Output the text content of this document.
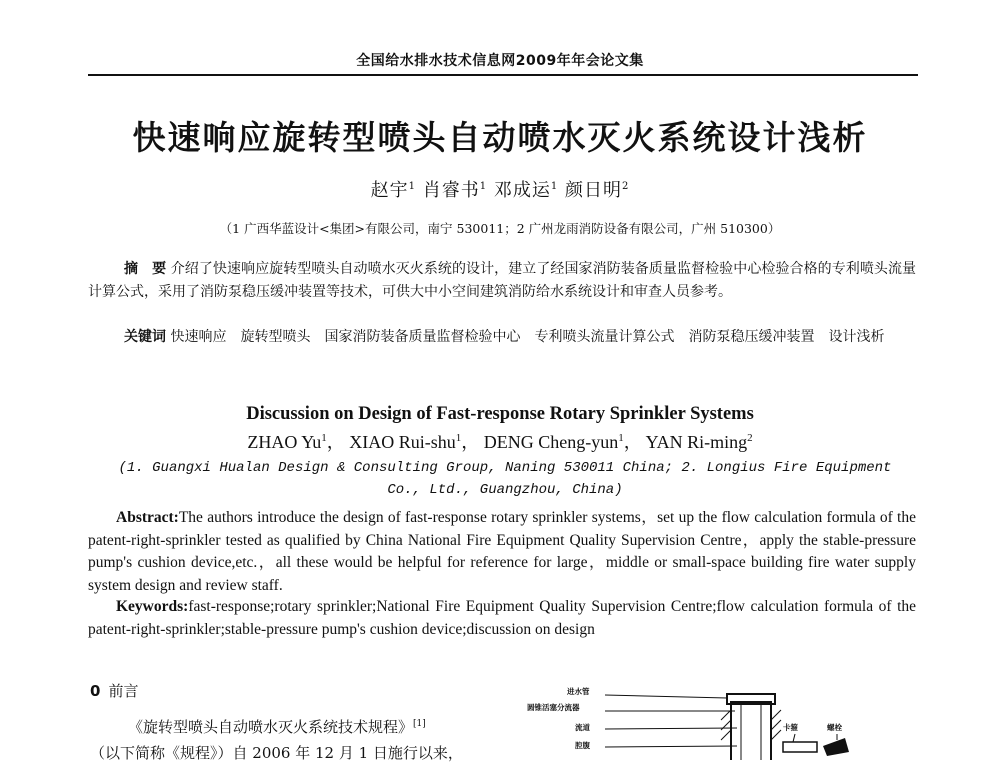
全国给水排水技术信息网2009年年会论文集
快速响应旋转型喷头自动喷水灭火系统设计浅析
赵宇$^1$ 肖睿书$^1$ 邓成运$^1$ 颜日明$^2$
（1 广西华蓝设计<集团>有限公司，南宁 530011；2 广州龙雨消防设备有限公司，广州 510300）
摘　要 介绍了快速响应旋转型喷头自动喷水灭火系统的设计，建立了经国家消防装备质量监督检验中心检验合格的专利喷头流量计算公式，采用了消防泵稳压缓冲装置等技术，可供大中小空间建筑消防给水系统设计和审查人员参考。
关键词 快速响应　旋转型喷头　国家消防装备质量监督检验中心　专利喷头流量计算公式　消防泵稳压缓冲装置　设计浅析
Discussion on Design of Fast-response Rotary Sprinkler Systems
ZHAO Yu$^1$， XIAO Rui-shu$^1$， DENG Cheng-yun$^1$， YAN Ri-ming$^2$
(1. Guangxi Hualan Design & Consulting Group, Naning 530011 China; 2. Longius Fire Equipment Co., Ltd., Guangzhou, China)
Abstract:The authors introduce the design of fast-response rotary sprinkler systems，set up the flow calculation formula of the patent-right-sprinkler tested as qualified by China National Fire Equipment Quality Supervision Centre，apply the stable-pressure pump's cushion device,etc.，all these would be helpful for reference for large，middle or small-space building fire water supply system design and review staff.
Keywords:fast-response;rotary sprinkler;National Fire Equipment Quality Supervision Centre;flow calculation formula of the patent-right-sprinkler;stable-pressure pump's cushion device;discussion on design
0 前言
《旋转型喷头自动喷水灭火系统技术规程》[1]
（以下简称《规程》）自 2006 年 12 月 1 日施行以来，
进水管
圆锥活塞分流器
流道
腔腹
卡箍	螺栓
